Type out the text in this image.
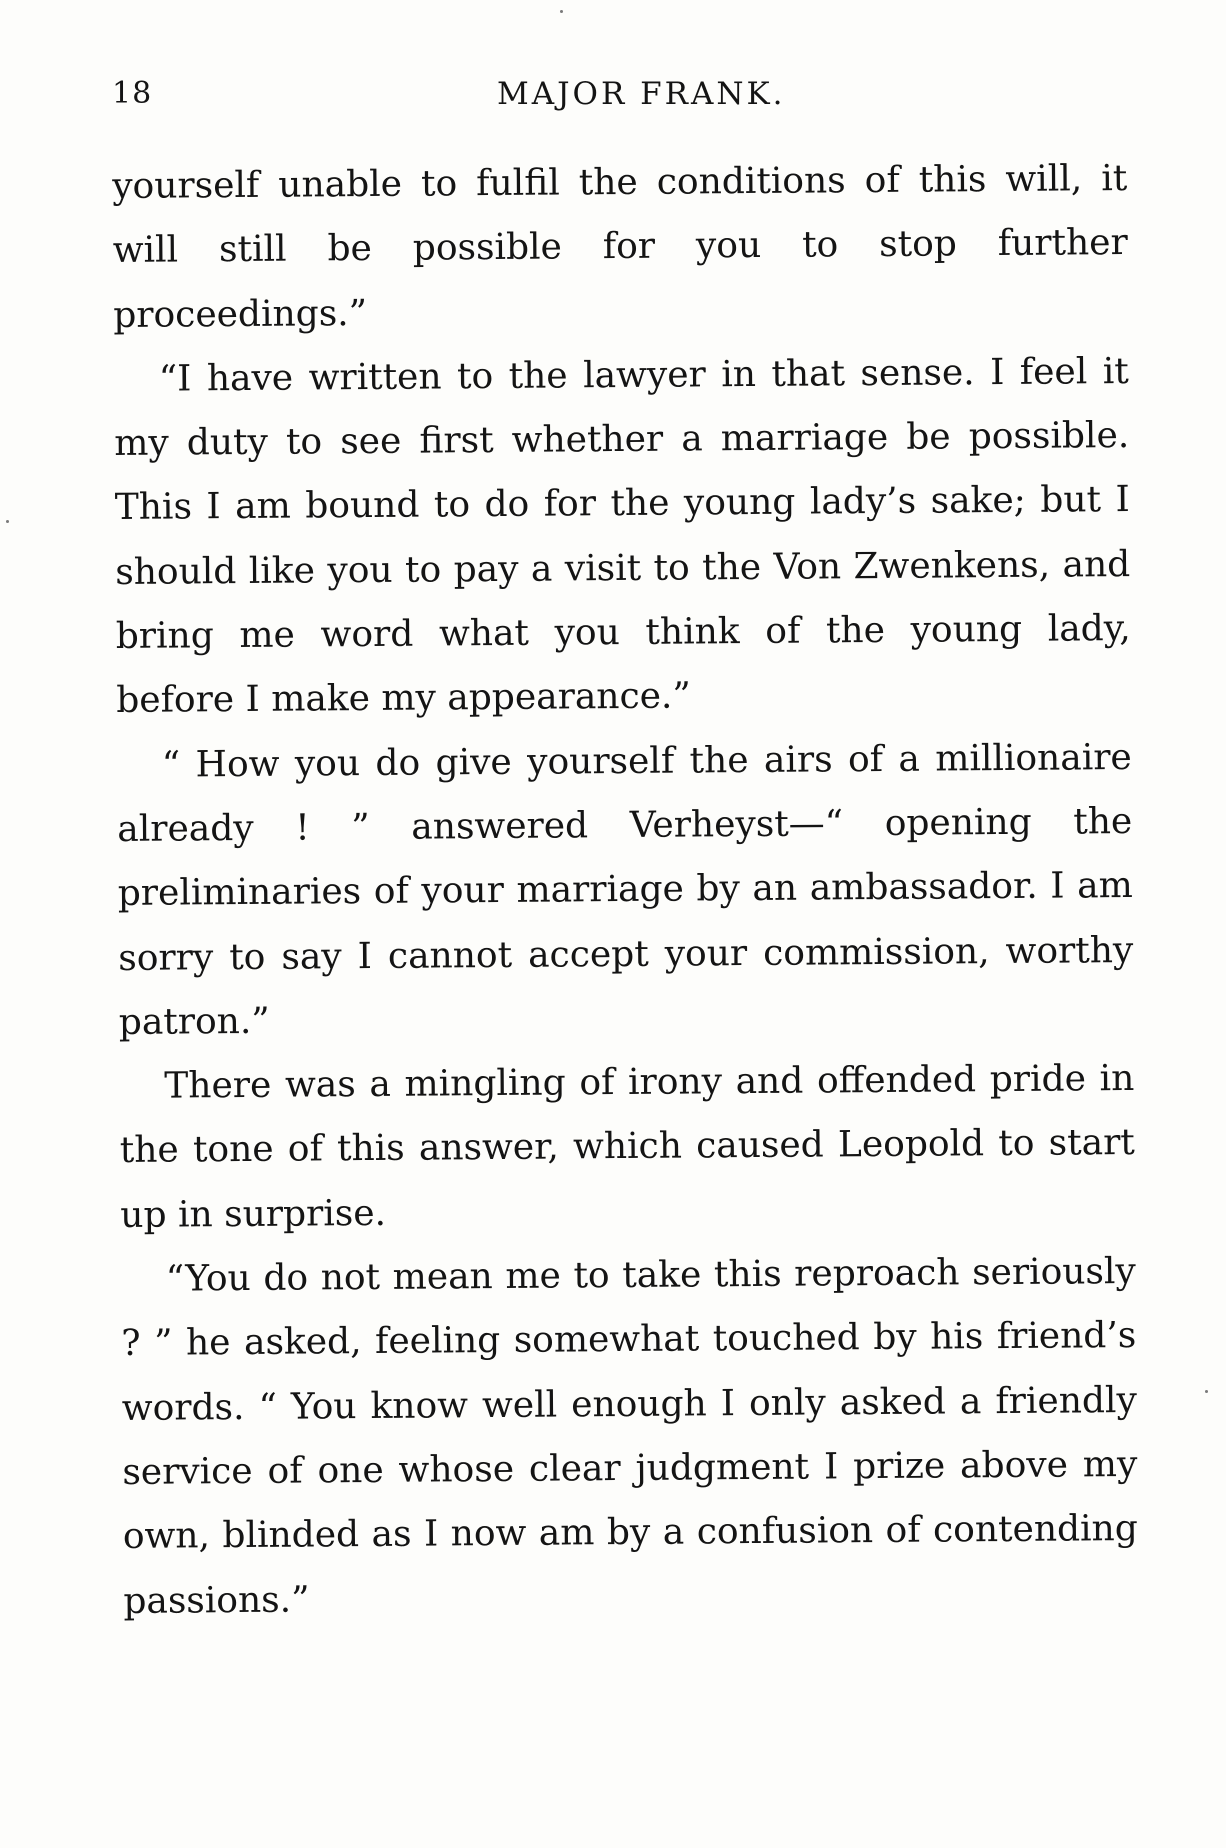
18	MAJOR FRANK.

yourself unable to fulfil the conditions of this will, it will still be possible for you to stop further proceedings.”

“I have written to the lawyer in that sense. I feel it my duty to see first whether a marriage be possible. This I am bound to do for the young lady’s sake; but I should like you to pay a visit to the Von Zwenkens, and bring me word what you think of the young lady, before I make my appearance.”

“ How you do give yourself the airs of a millionaire already ! ” answered Verheyst—“ opening the preliminaries of your marriage by an ambassador. I am sorry to say I cannot accept your commission, worthy patron.”

There was a mingling of irony and offended pride in the tone of this answer, which caused Leopold to start up in surprise.

“You do not mean me to take this reproach seriously ? ” he asked, feeling somewhat touched by his friend’s words. “ You know well enough I only asked a friendly service of one whose clear judgment I prize above my own, blinded as I now am by a confusion of contending passions.”
